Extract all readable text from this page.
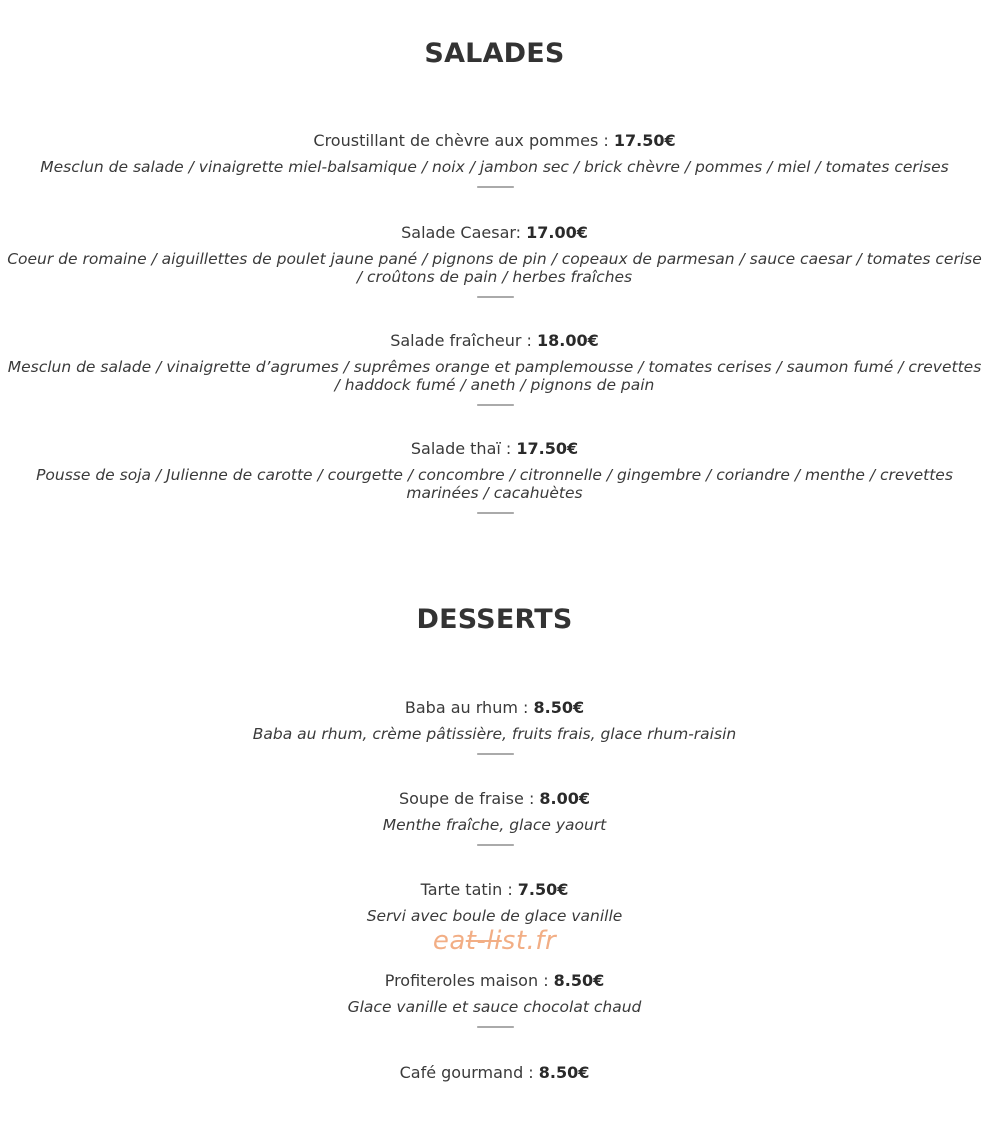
SALADES
Croustillant de chèvre aux pommes : 17.50€
Mesclun de salade / vinaigrette miel-balsamique / noix / jambon sec / brick chèvre / pommes / miel / tomates cerises
———
Salade Caesar: 17.00€
Coeur de romaine / aiguillettes de poulet jaune pané / pignons de pin / copeaux de parmesan / sauce caesar / tomates cerise / croûtons de pain / herbes fraîches
———
Salade fraîcheur : 18.00€
Mesclun de salade / vinaigrette d’agrumes / suprêmes orange et pamplemousse / tomates cerises / saumon fumé / crevettes / haddock fumé / aneth / pignons de pain
———
Salade thaï : 17.50€
Pousse de soja / Julienne de carotte / courgette / concombre / citronnelle / gingembre / coriandre / menthe / crevettes marinées / cacahuètes
———
DESSERTS
Baba au rhum : 8.50€
Baba au rhum, crème pâtissière, fruits frais, glace rhum-raisin
———
Soupe de fraise : 8.00€
Menthe fraîche, glace yaourt
———
Tarte tatin : 7.50€
Servi avec boule de glace vanille
eat-list.fr
Profiteroles maison : 8.50€
Glace vanille et sauce chocolat chaud
———
Café gourmand : 8.50€
